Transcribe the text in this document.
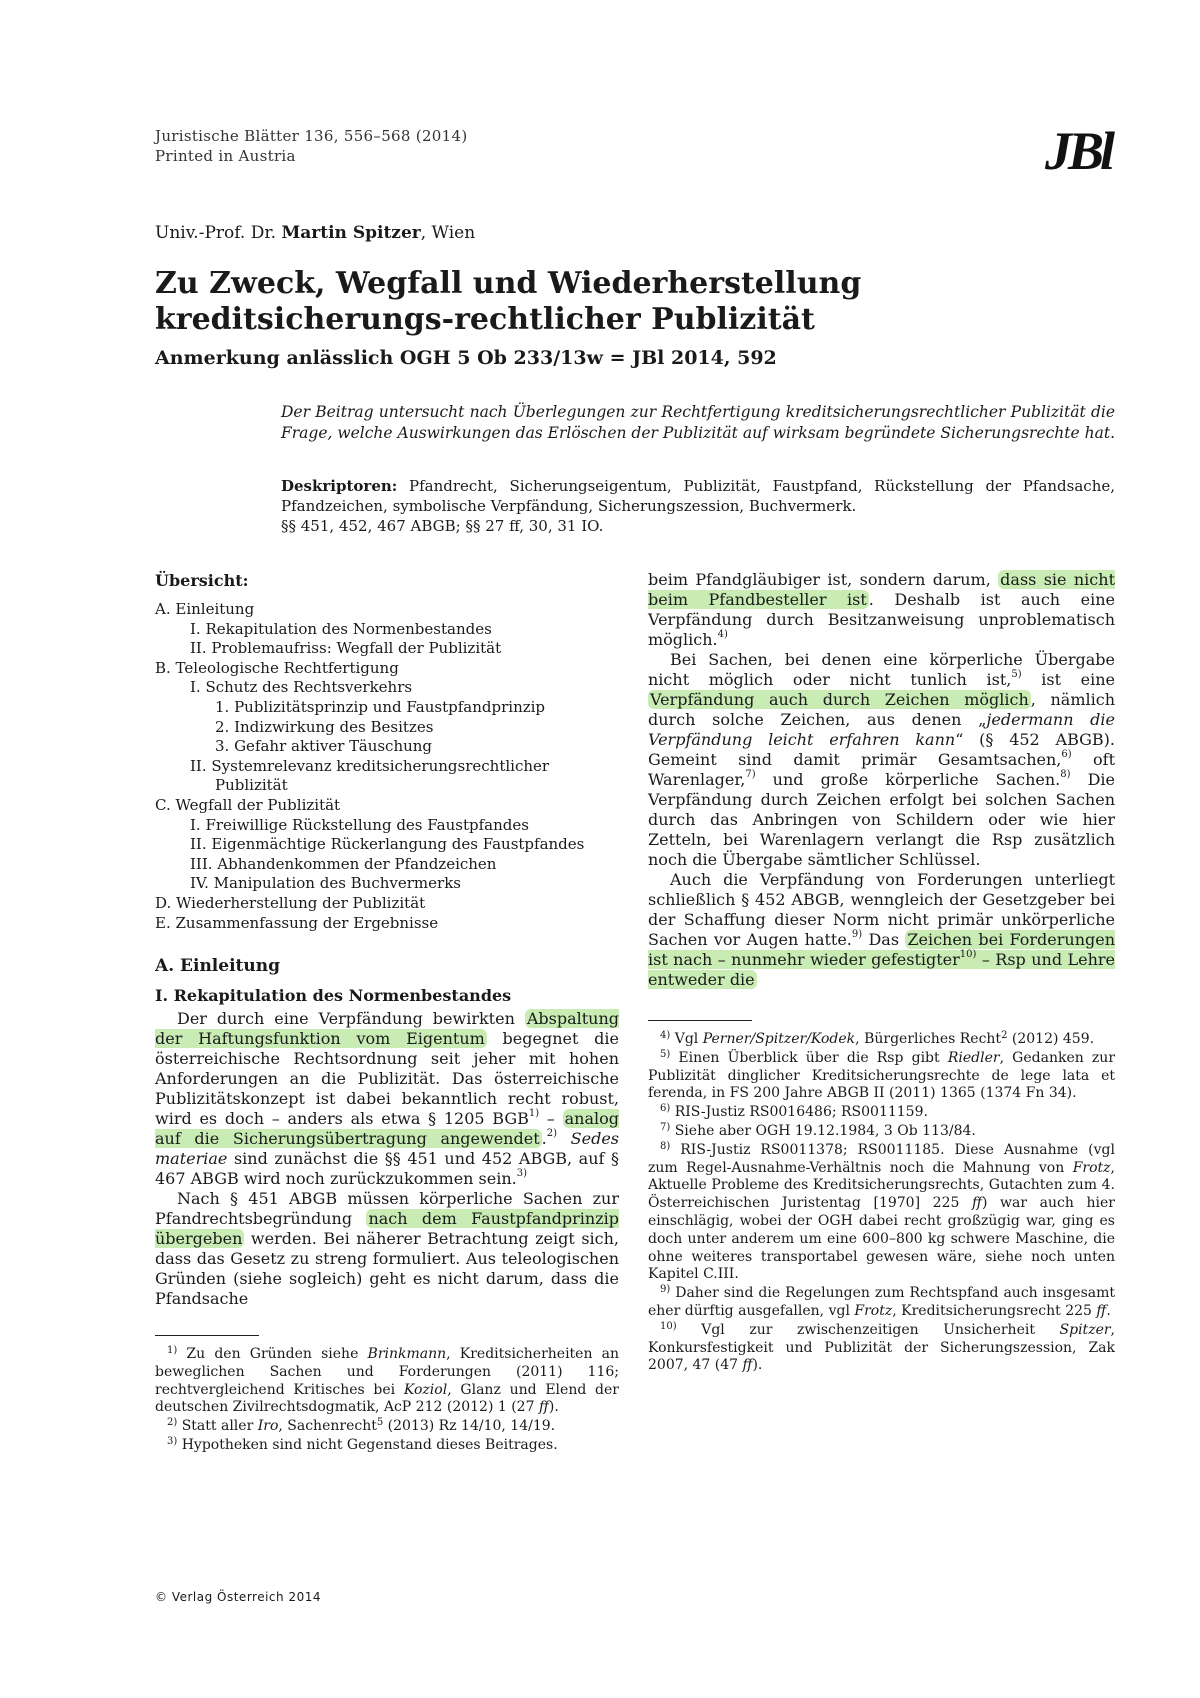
Juristische Blätter 136, 556–568 (2014)
Printed in Austria	JBl
Univ.-Prof. Dr. Martin Spitzer, Wien
Zu Zweck, Wegfall und Wiederherstellung kreditsicherungs-rechtlicher Publizität
Anmerkung anlässlich OGH 5 Ob 233/13w = JBl 2014, 592
Der Beitrag untersucht nach Überlegungen zur Rechtfertigung kreditsicherungsrechtlicher Publizität die Frage, welche Auswirkungen das Erlöschen der Publizität auf wirksam begründete Sicherungsrechte hat.
Deskriptoren: Pfandrecht, Sicherungseigentum, Publizität, Faustpfand, Rückstellung der Pfandsache, Pfandzeichen, symbolische Verpfändung, Sicherungszession, Buchvermerk.
§§ 451, 452, 467 ABGB; §§ 27 ff, 30, 31 IO.
Übersicht:
A. Einleitung
I. Rekapitulation des Normenbestandes
II. Problemaufriss: Wegfall der Publizität
B. Teleologische Rechtfertigung
I. Schutz des Rechtsverkehrs
1. Publizitätsprinzip und Faustpfandprinzip
2. Indizwirkung des Besitzes
3. Gefahr aktiver Täuschung
II. Systemrelevanz kreditsicherungsrechtlicher
Publizität
C. Wegfall der Publizität
I. Freiwillige Rückstellung des Faustpfandes
II. Eigenmächtige Rückerlangung des Faustpfandes
III. Abhandenkommen der Pfandzeichen
IV. Manipulation des Buchvermerks
D. Wiederherstellung der Publizität
E. Zusammenfassung der Ergebnisse
A. Einleitung
I. Rekapitulation des Normenbestandes

Der durch eine Verpfändung bewirkten Abspaltung der Haftungsfunktion vom Eigentum begegnet die österreichische Rechtsordnung seit jeher mit hohen Anforderungen an die Publizität. Das österreichische Publizitätskonzept ist dabei bekanntlich recht robust, wird es doch – anders als etwa § 1205 BGB$^{1)}$ – analog auf die Sicherungsübertragung angewendet .$^{2)}$ Sedes materiae sind zunächst die §§ 451 und 452 ABGB, auf § 467 ABGB wird noch zurückzukommen sein.$^{3)}$

Nach § 451 ABGB müssen körperliche Sachen zur Pfandrechtsbegründung nach dem Faustpfandprinzip übergeben werden. Bei näherer Betrachtung zeigt sich, dass das Gesetz zu streng formuliert. Aus teleologischen Gründen (siehe sogleich) geht es nicht darum, dass die Pfandsache

$^{1)}$ Zu den Gründen siehe Brinkmann, Kreditsicherheiten an beweglichen Sachen und Forderungen (2011) 116; rechtvergleichend Kritisches bei Koziol, Glanz und Elend der deutschen Zivilrechtsdogmatik, AcP 212 (2012) 1 (27 ff).

$^{2)}$ Statt aller Iro, Sachenrecht$^5$ (2013) Rz 14/10, 14/19.

$^{3)}$ Hypotheken sind nicht Gegenstand dieses Beitrages.

beim Pfandgläubiger ist, sondern darum, dass sie nicht beim Pfandbesteller ist . Deshalb ist auch eine Verpfändung durch Besitzanweisung unproblematisch möglich.$^{4)}$

Bei Sachen, bei denen eine körperliche Übergabe nicht möglich oder nicht tunlich ist,$^{5)}$ ist eine Verpfändung auch durch Zeichen möglich , nämlich durch solche Zeichen, aus denen „jedermann die Verpfändung leicht erfahren kann“ (§ 452 ABGB). Gemeint sind damit primär Gesamtsachen,$^{6)}$ oft Warenlager,$^{7)}$ und große körperliche Sachen.$^{8)}$ Die Verpfändung durch Zeichen erfolgt bei solchen Sachen durch das Anbringen von Schildern oder wie hier Zetteln, bei Warenlagern verlangt die Rsp zusätzlich noch die Übergabe sämtlicher Schlüssel.

Auch die Verpfändung von Forderungen unterliegt schließlich § 452 ABGB, wenngleich der Gesetzgeber bei der Schaffung dieser Norm nicht primär unkörperliche Sachen vor Augen hatte.$^{9)}$ Das Zeichen bei Forderungen ist nach – nunmehr wieder gefestigter$^{10)}$ – Rsp und Lehre entweder die

$^{4)}$ Vgl Perner/Spitzer/Kodek, Bürgerliches Recht$^2$ (2012) 459.

$^{5)}$ Einen Überblick über die Rsp gibt Riedler, Gedanken zur Publizität dinglicher Kreditsicherungsrechte de lege lata et ferenda, in FS 200 Jahre ABGB II (2011) 1365 (1374 Fn 34).

$^{6)}$ RIS-Justiz RS0016486; RS0011159.

$^{7)}$ Siehe aber OGH 19.12.1984, 3 Ob 113/84.

$^{8)}$ RIS-Justiz RS0011378; RS0011185. Diese Ausnahme (vgl zum Regel-Ausnahme-Verhältnis noch die Mahnung von Frotz, Aktuelle Probleme des Kreditsicherungsrechts, Gutachten zum 4. Österreichischen Juristentag [1970] 225 ff) war auch hier einschlägig, wobei der OGH dabei recht großzügig war, ging es doch unter anderem um eine 600–800 kg schwere Maschine, die ohne weiteres transportabel gewesen wäre, siehe noch unten Kapitel C.III.

$^{9)}$ Daher sind die Regelungen zum Rechtspfand auch insgesamt eher dürftig ausgefallen, vgl Frotz, Kreditsicherungsrecht 225 ff.

$^{10)}$ Vgl zur zwischenzeitigen Unsicherheit Spitzer, Konkursfestigkeit und Publizität der Sicherungszession, Zak 2007, 47 (47 ff).

© Verlag Österreich 2014
